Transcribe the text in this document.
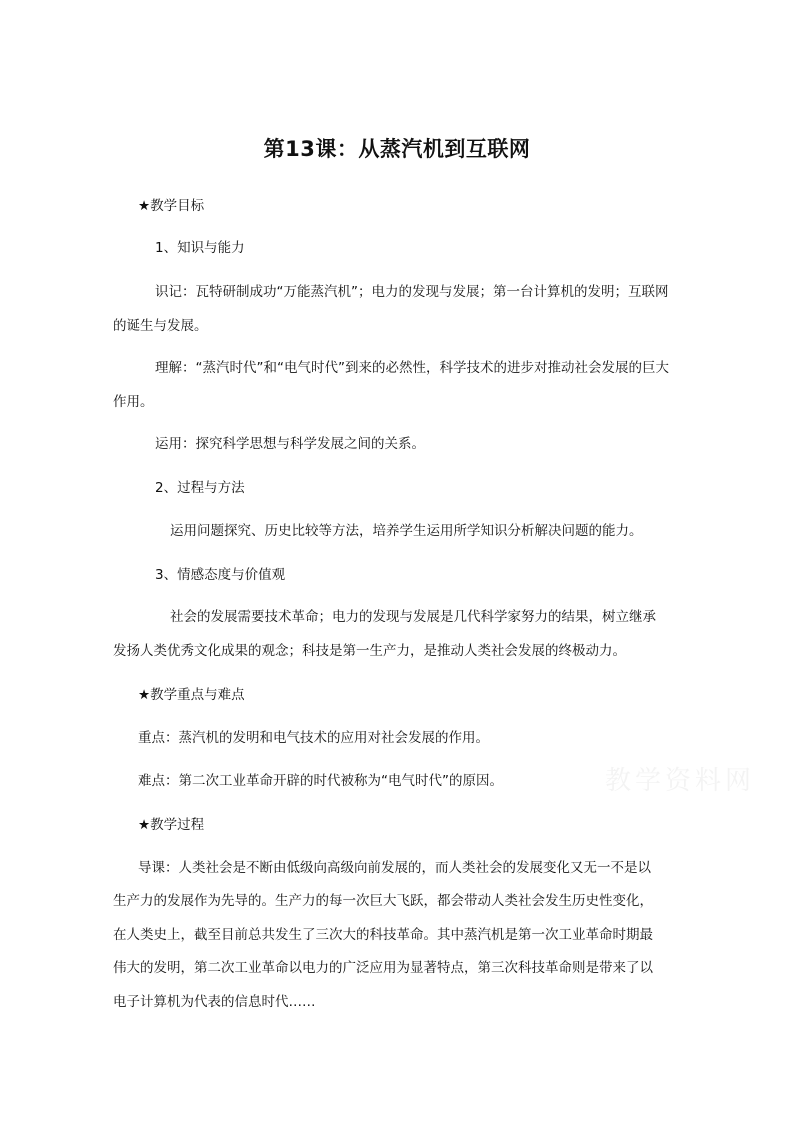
第13课：从蒸汽机到互联网
★教学目标
1、知识与能力
识记：瓦特研制成功“万能蒸汽机”；电力的发现与发展；第一台计算机的发明；互联网
的诞生与发展。
理解：“蒸汽时代”和“电气时代”到来的必然性，科学技术的进步对推动社会发展的巨大
作用。
运用：探究科学思想与科学发展之间的关系。
2、过程与方法
运用问题探究、历史比较等方法，培养学生运用所学知识分析解决问题的能力。
3、情感态度与价值观
社会的发展需要技术革命；电力的发现与发展是几代科学家努力的结果，树立继承
发扬人类优秀文化成果的观念；科技是第一生产力，是推动人类社会发展的终极动力。
★教学重点与难点
重点：蒸汽机的发明和电气技术的应用对社会发展的作用。
难点：第二次工业革命开辟的时代被称为“电气时代”的原因。
★教学过程
导课：人类社会是不断由低级向高级向前发展的，而人类社会的发展变化又无一不是以
生产力的发展作为先导的。生产力的每一次巨大飞跃，都会带动人类社会发生历史性变化，
在人类史上，截至目前总共发生了三次大的科技革命。其中蒸汽机是第一次工业革命时期最
伟大的发明，第二次工业革命以电力的广泛应用为显著特点，第三次科技革命则是带来了以
电子计算机为代表的信息时代……
教学资料网
